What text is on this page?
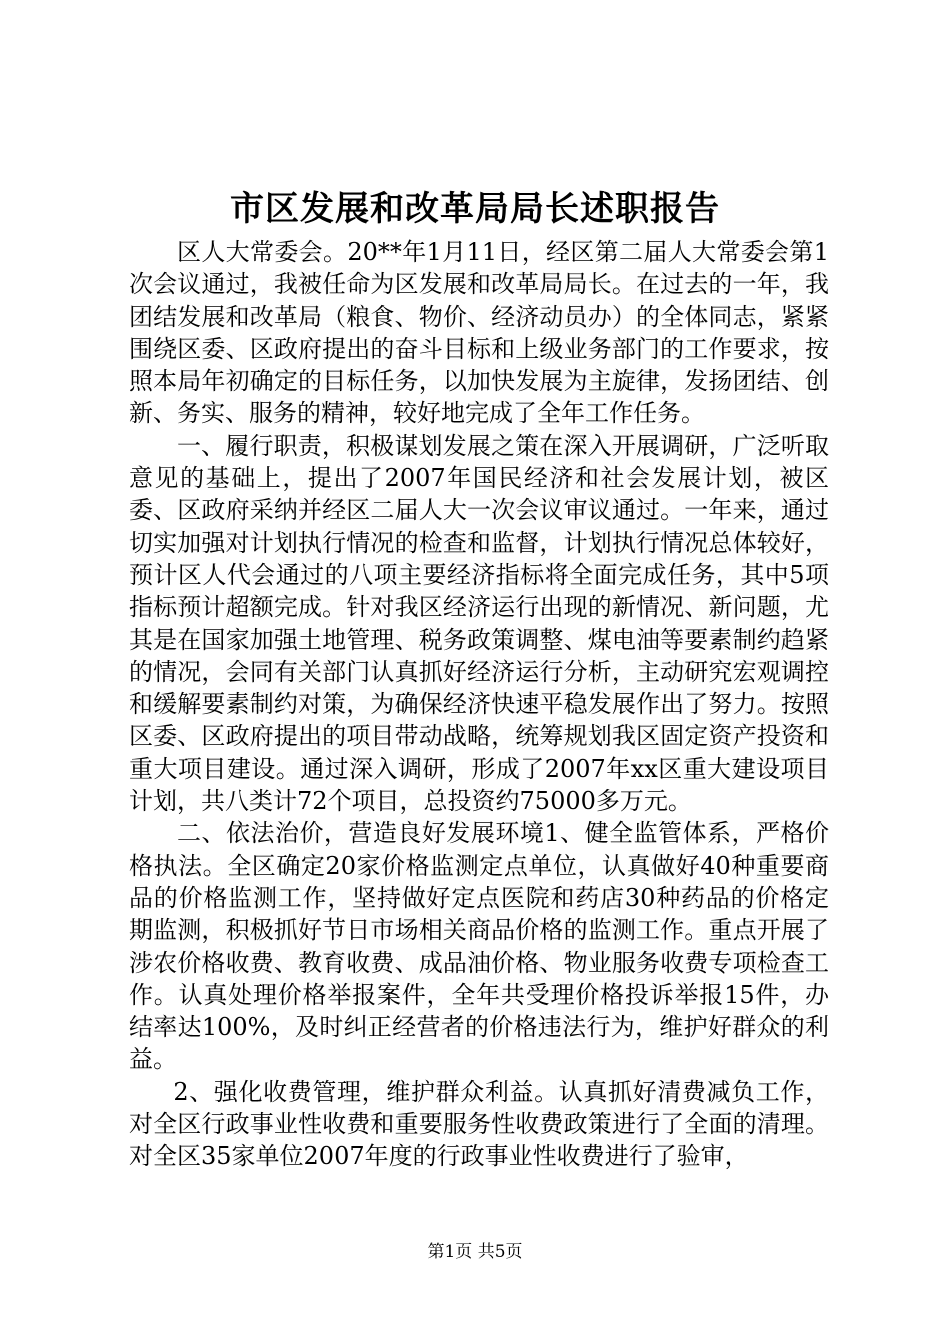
市区发展和改革局局长述职报告

区人大常委会。20**年1月11日，经区第二届人大常委会第1次会议通过，我被任命为区发展和改革局局长。在过去的一年，我团结发展和改革局（粮食、物价、经济动员办）的全体同志，紧紧围绕区委、区政府提出的奋斗目标和上级业务部门的工作要求，按照本局年初确定的目标任务，以加快发展为主旋律，发扬团结、创新、务实、服务的精神，较好地完成了全年工作任务。

一、履行职责，积极谋划发展之策在深入开展调研，广泛听取意见的基础上，提出了2007年国民经济和社会发展计划，被区委、区政府采纳并经区二届人大一次会议审议通过。一年来，通过切实加强对计划执行情况的检查和监督，计划执行情况总体较好，预计区人代会通过的八项主要经济指标将全面完成任务，其中5项指标预计超额完成。针对我区经济运行出现的新情况、新问题，尤其是在国家加强土地管理、税务政策调整、煤电油等要素制约趋紧的情况，会同有关部门认真抓好经济运行分析，主动研究宏观调控和缓解要素制约对策，为确保经济快速平稳发展作出了努力。按照区委、区政府提出的项目带动战略，统筹规划我区固定资产投资和重大项目建设。通过深入调研，形成了2007年xx区重大建设项目计划，共八类计72个项目，总投资约75000多万元。

二、依法治价，营造良好发展环境1、健全监管体系，严格价格执法。全区确定20家价格监测定点单位，认真做好40种重要商品的价格监测工作，坚持做好定点医院和药店30种药品的价格定期监测，积极抓好节日市场相关商品价格的监测工作。重点开展了涉农价格收费、教育收费、成品油价格、物业服务收费专项检查工作。认真处理价格举报案件，全年共受理价格投诉举报15件，办结率达100%，及时纠正经营者的价格违法行为，维护好群众的利益。

2、强化收费管理，维护群众利益。认真抓好清费减负工作，对全区行政事业性收费和重要服务性收费政策进行了全面的清理。对全区35家单位2007年度的行政事业性收费进行了验审，

第1页 共5页
